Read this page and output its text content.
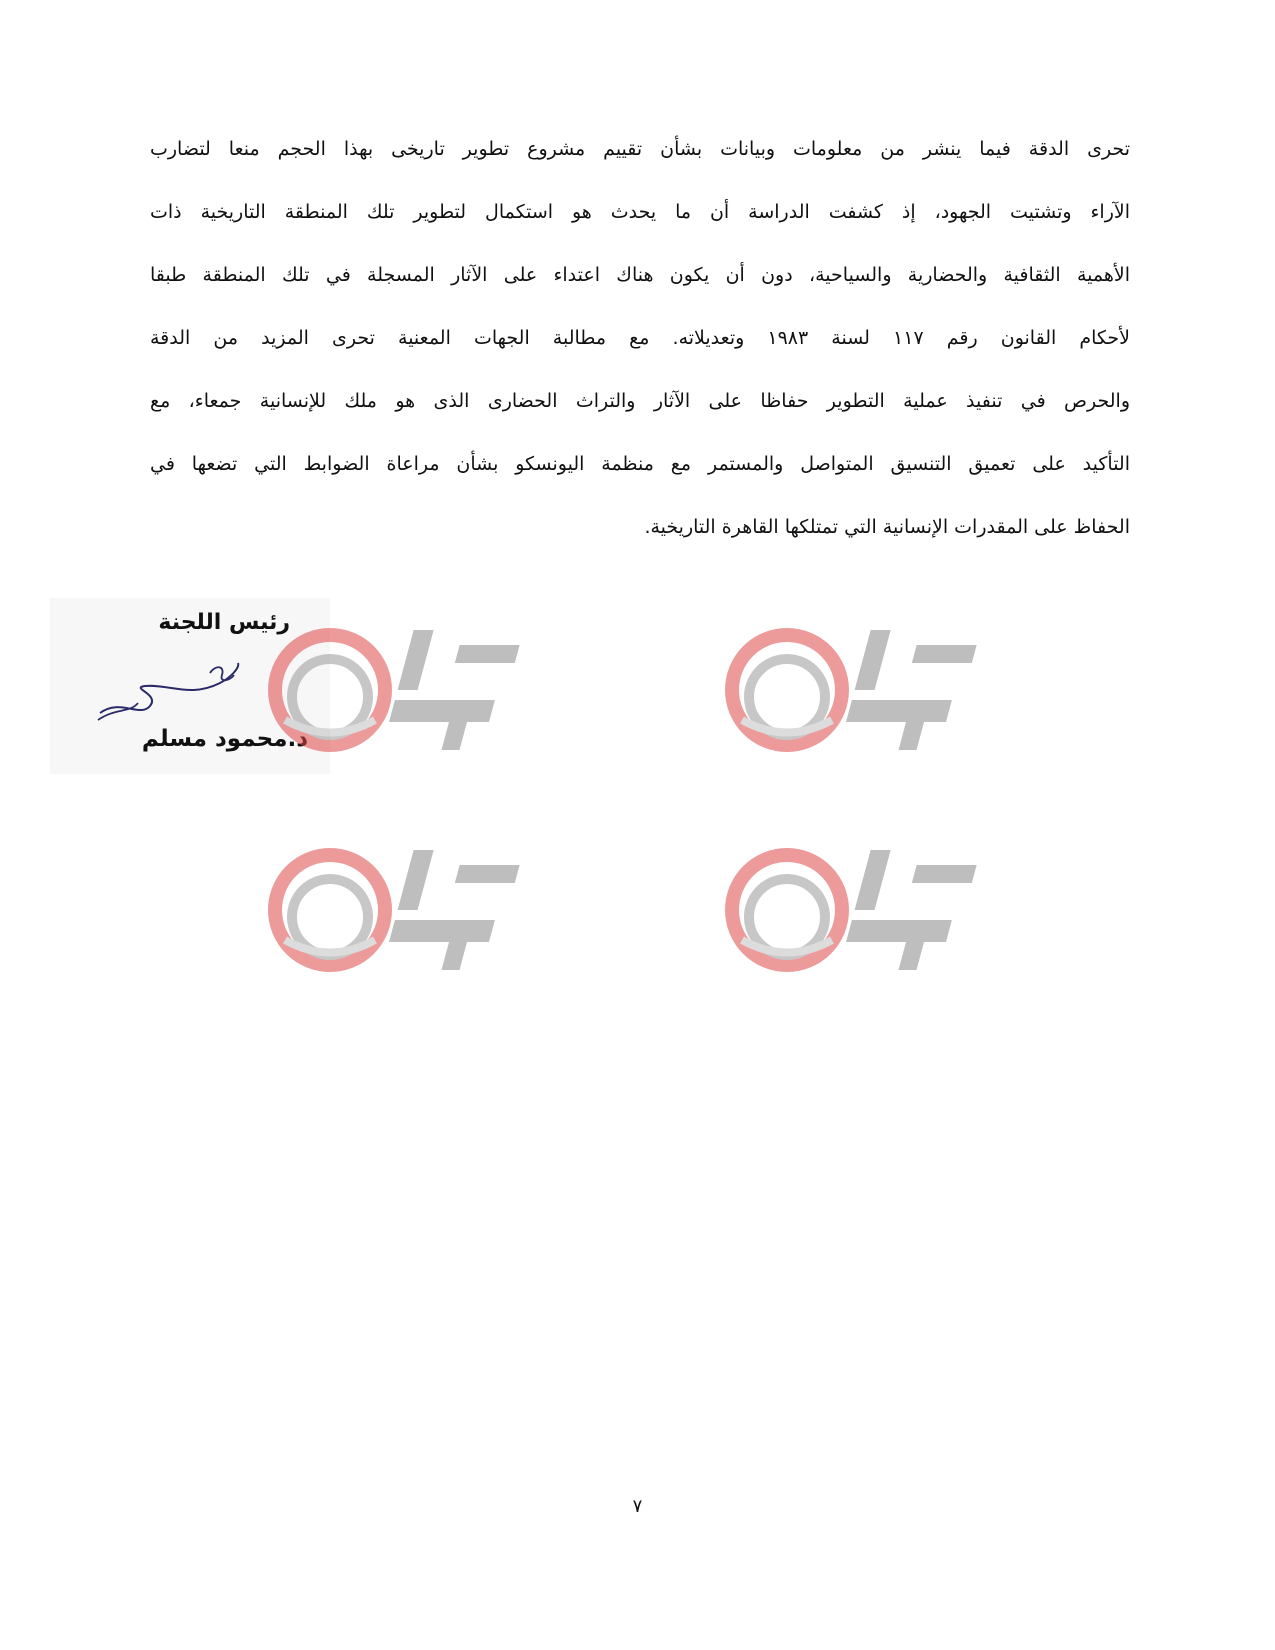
تحرى الدقة فيما ينشر من معلومات وبيانات بشأن تقييم مشروع تطوير تاريخى بهذا الحجم منعا لتضارب
الآراء وتشتيت الجهود، إذ كشفت الدراسة أن ما يحدث هو استكمال لتطوير تلك المنطقة التاريخية ذات
الأهمية الثقافية والحضارية والسياحية، دون أن يكون هناك اعتداء على الآثار المسجلة في تلك المنطقة طبقا
لأحكام القانون رقم ١١٧ لسنة ١٩٨٣ وتعديلاته. مع مطالبة الجهات المعنية تحرى المزيد من الدقة
والحرص في تنفيذ عملية التطوير حفاظا على الآثار والتراث الحضارى الذى هو ملك للإنسانية جمعاء، مع
التأكيد على تعميق التنسيق المتواصل والمستمر مع منظمة اليونسكو بشأن مراعاة الضوابط التي تضعها في
الحفاظ على المقدرات الإنسانية التي تمتلكها القاهرة التاريخية.
رئيس اللجنة
د.محمود مسلم
٧
